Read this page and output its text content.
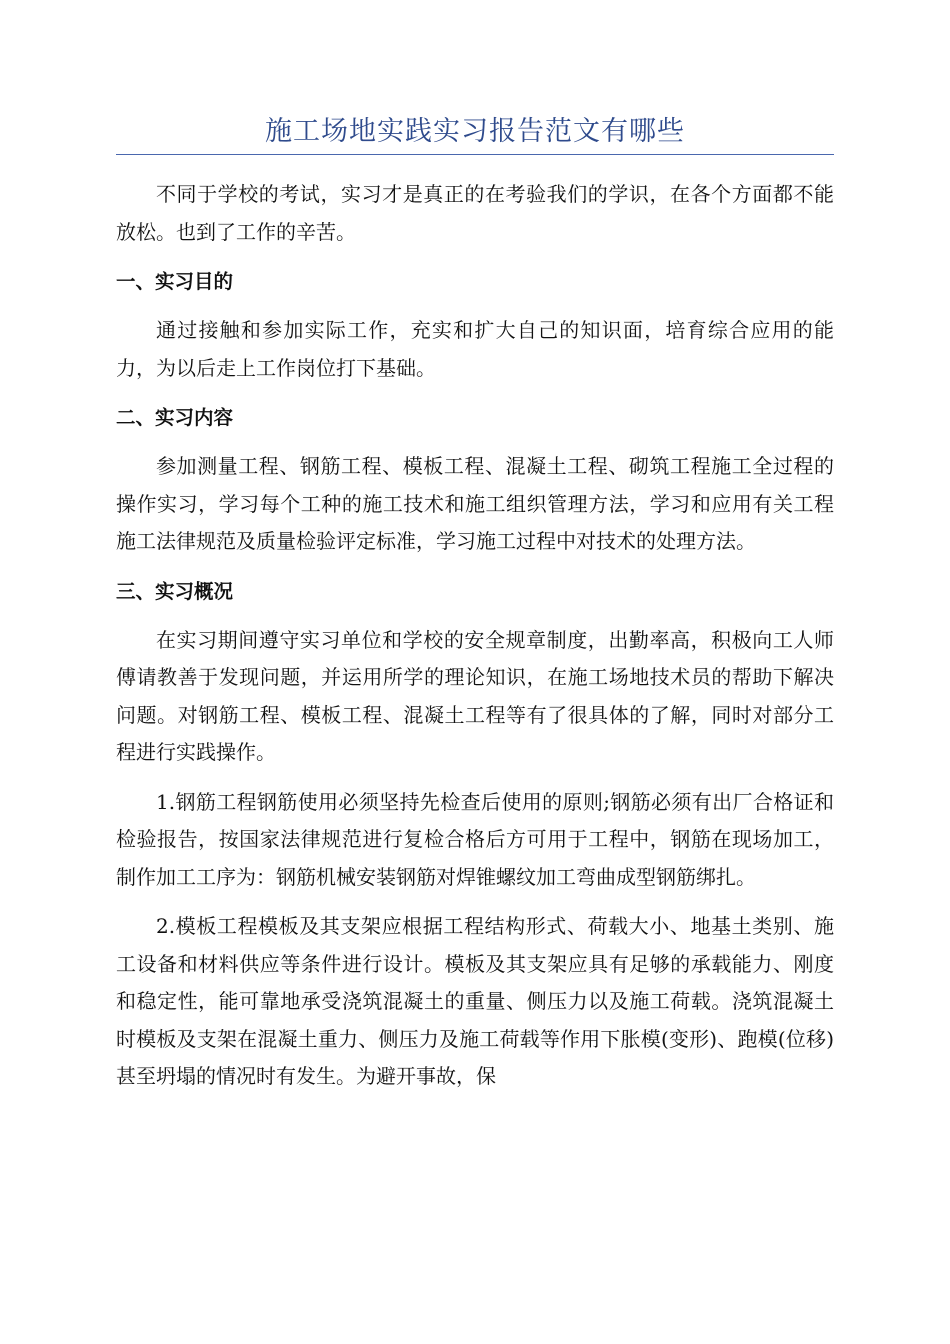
施工场地实践实习报告范文有哪些

不同于学校的考试，实习才是真正的在考验我们的学识，在各个方面都不能放松。也到了工作的辛苦。

一、实习目的

通过接触和参加实际工作，充实和扩大自己的知识面，培育综合应用的能力，为以后走上工作岗位打下基础。

二、实习内容

参加测量工程、钢筋工程、模板工程、混凝土工程、砌筑工程施工全过程的操作实习，学习每个工种的施工技术和施工组织管理方法，学习和应用有关工程施工法律规范及质量检验评定标准，学习施工过程中对技术的处理方法。

三、实习概况

在实习期间遵守实习单位和学校的安全规章制度，出勤率高，积极向工人师傅请教善于发现问题，并运用所学的理论知识，在施工场地技术员的帮助下解决问题。对钢筋工程、模板工程、混凝土工程等有了很具体的了解，同时对部分工程进行实践操作。

1.钢筋工程钢筋使用必须坚持先检查后使用的原则;钢筋必须有出厂合格证和检验报告，按国家法律规范进行复检合格后方可用于工程中，钢筋在现场加工，制作加工工序为：钢筋机械安装钢筋对焊锥螺纹加工弯曲成型钢筋绑扎。

2.模板工程模板及其支架应根据工程结构形式、荷载大小、地基土类别、施工设备和材料供应等条件进行设计。模板及其支架应具有足够的承载能力、刚度和稳定性，能可靠地承受浇筑混凝土的重量、侧压力以及施工荷载。浇筑混凝土时模板及支架在混凝土重力、侧压力及施工荷载等作用下胀模(变形)、跑模(位移)甚至坍塌的情况时有发生。为避开事故，保
